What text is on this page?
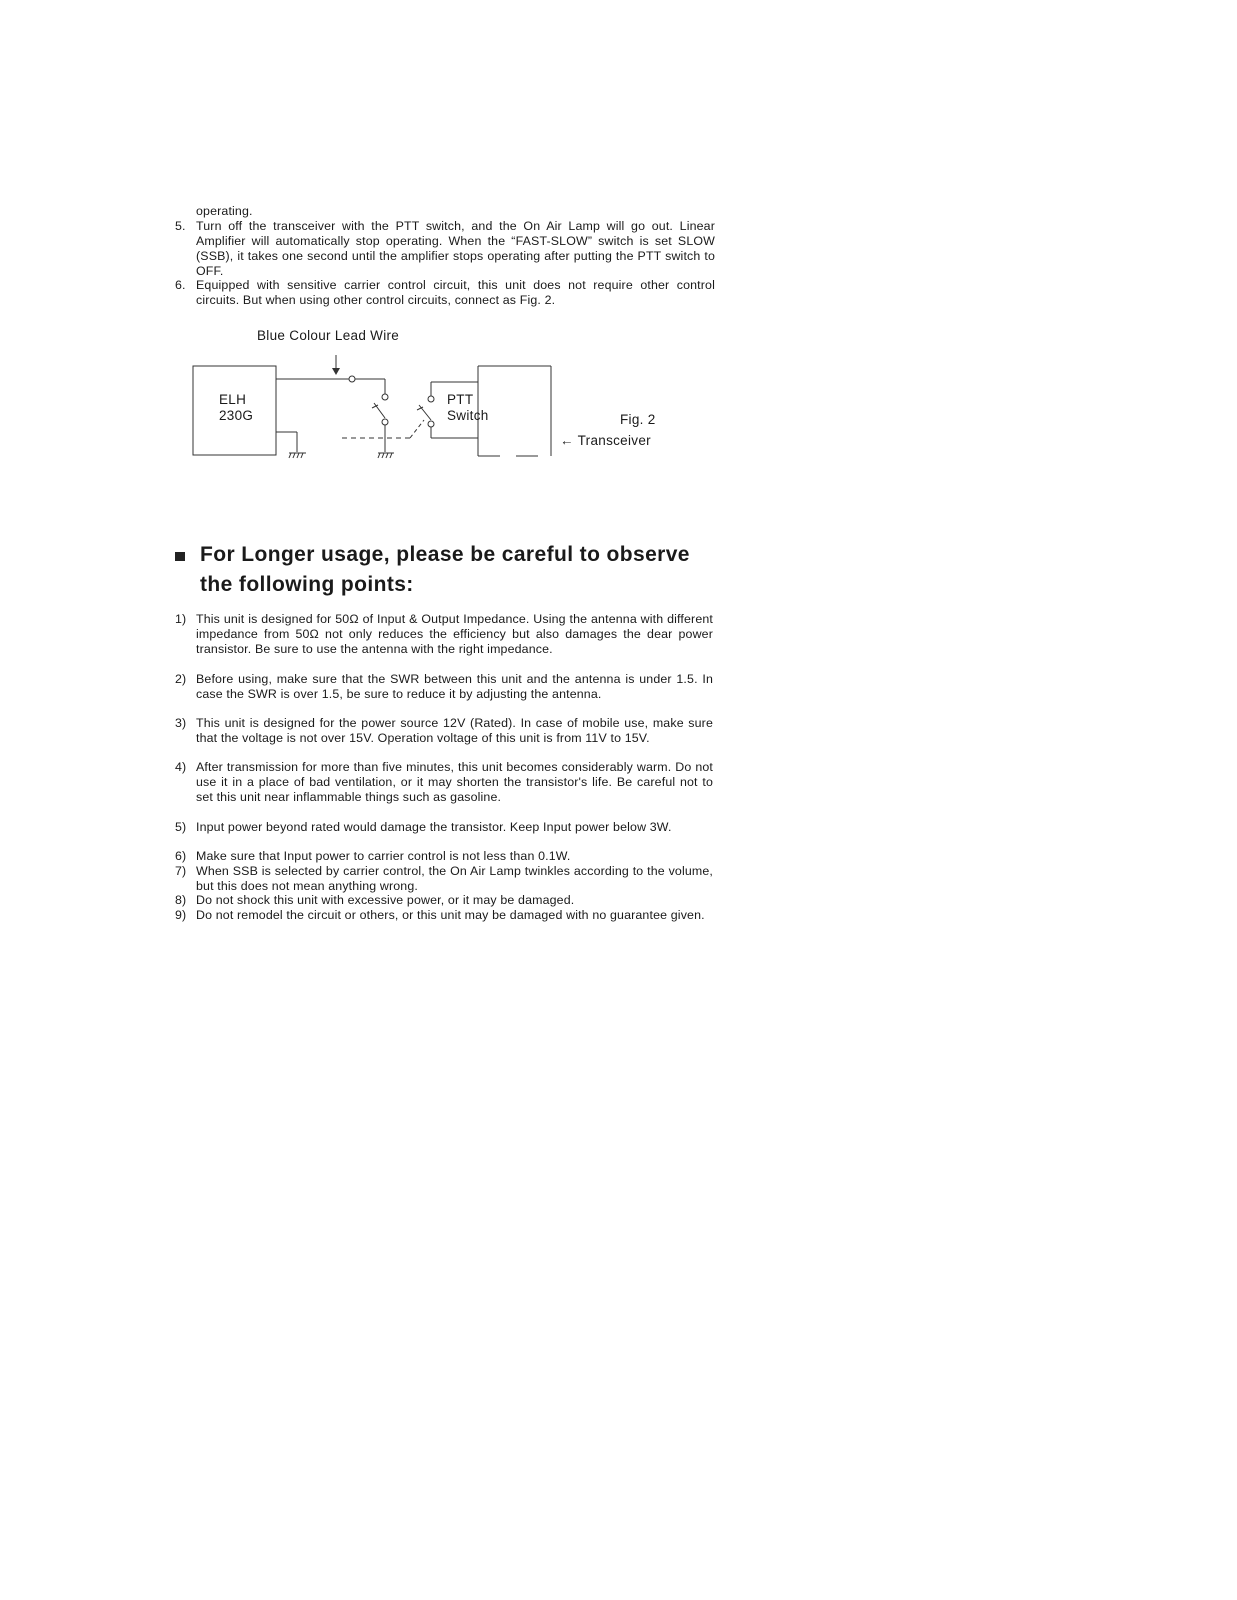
operating.
5. Turn off the transceiver with the PTT switch, and the On Air Lamp will go out. Linear Amplifier will automatically stop operating. When the “FAST-SLOW” switch is set SLOW (SSB), it takes one second until the amplifier stops operating after putting the PTT switch to OFF.
6. Equipped with sensitive carrier control circuit, this unit does not require other control circuits. But when using other control circuits, connect as Fig. 2.
Blue Colour Lead Wire
ELH
230G
PTT
Switch	Fig. 2
← Transceiver
For Longer usage, please be careful to observe
the following points:
1) This unit is designed for 50Ω of Input & Output Impedance. Using the antenna with different impedance from 50Ω not only reduces the efficiency but also damages the dear power transistor. Be sure to use the antenna with the right impedance.
2) Before using, make sure that the SWR between this unit and the antenna is under 1.5. In case the SWR is over 1.5, be sure to reduce it by adjusting the antenna.
3) This unit is designed for the power source 12V (Rated). In case of mobile use, make sure that the voltage is not over 15V. Operation voltage of this unit is from 11V to 15V.
4) After transmission for more than five minutes, this unit becomes considerably warm. Do not use it in a place of bad ventilation, or it may shorten the transistor's life. Be careful not to set this unit near inflammable things such as gasoline.
5) Input power beyond rated would damage the transistor. Keep Input power below 3W.
6) Make sure that Input power to carrier control is not less than 0.1W.
7) When SSB is selected by carrier control, the On Air Lamp twinkles according to the volume, but this does not mean anything wrong.
8) Do not shock this unit with excessive power, or it may be damaged.
9) Do not remodel the circuit or others, or this unit may be damaged with no guarantee given.
